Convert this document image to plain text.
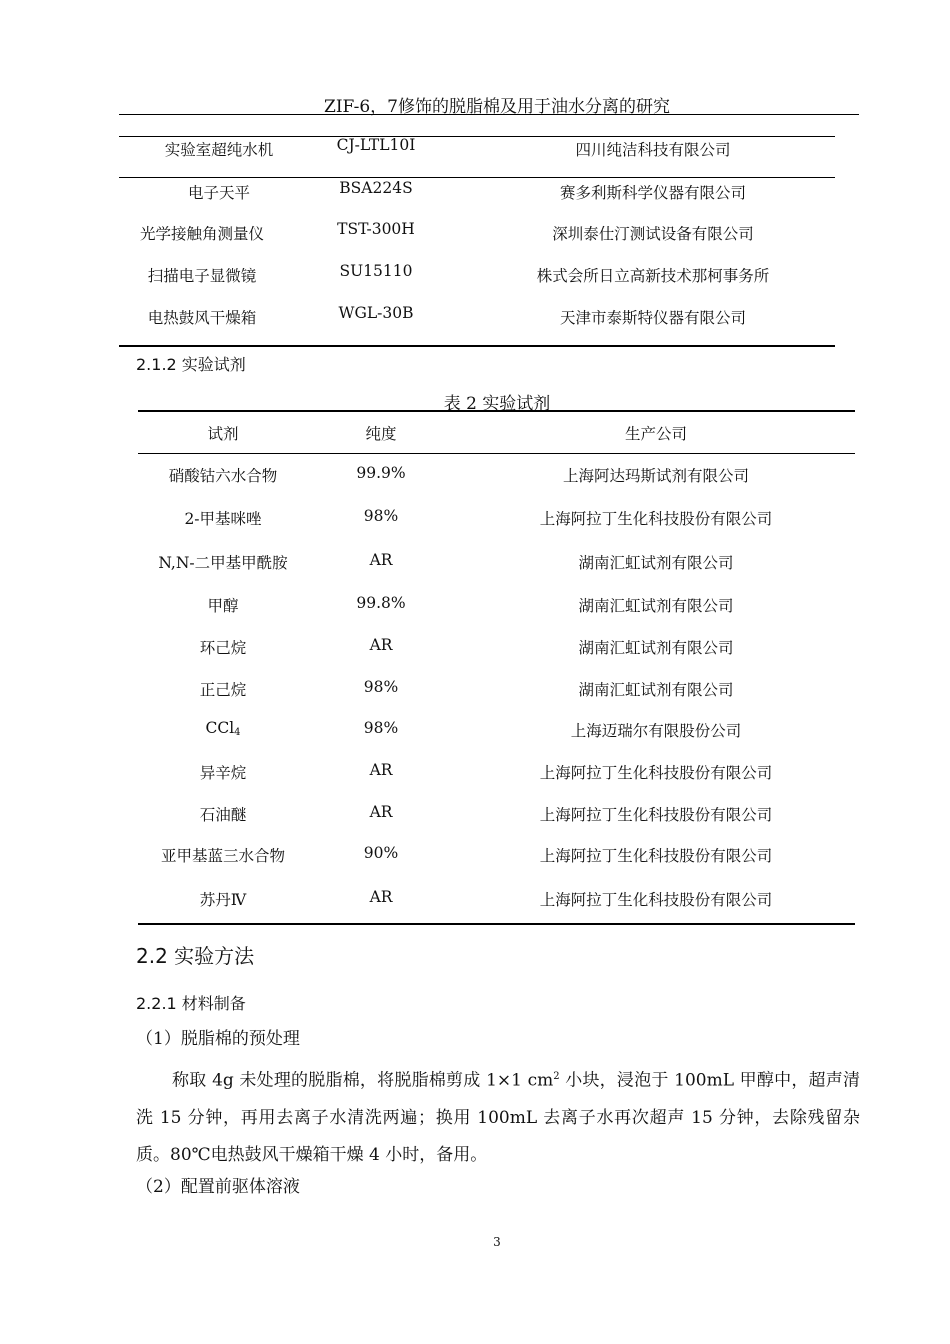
ZIF-6，7修饰的脱脂棉及用于油水分离的研究
实验室超纯水机	CJ-LTL10Ⅰ	四川纯洁科技有限公司
电子天平	BSA224S	赛多利斯科学仪器有限公司
光学接触角测量仪	TST-300H	深圳泰仕汀测试设备有限公司
扫描电子显微镜	SU15110	株式会所日立高新技术那柯事务所
电热鼓风干燥箱	WGL-30B	天津市泰斯特仪器有限公司
2.1.2 实验试剂
表 2 实验试剂
试剂	纯度	生产公司
硝酸钴六水合物	99.9%	上海阿达玛斯试剂有限公司
2-甲基咪唑	98%	上海阿拉丁生化科技股份有限公司
N,N-二甲基甲酰胺	AR	湖南汇虹试剂有限公司
甲醇	99.8%	湖南汇虹试剂有限公司
环己烷	AR	湖南汇虹试剂有限公司
正己烷	98%	湖南汇虹试剂有限公司
CCl$_4$	98%	上海迈瑞尔有限股份公司
异辛烷	AR	上海阿拉丁生化科技股份有限公司
石油醚	AR	上海阿拉丁生化科技股份有限公司
亚甲基蓝三水合物	90%	上海阿拉丁生化科技股份有限公司
苏丹Ⅳ	AR	上海阿拉丁生化科技股份有限公司
2.2 实验方法
2.2.1 材料制备
（1）脱脂棉的预处理
称取 4g 未处理的脱脂棉，将脱脂棉剪成 1×1 $cm^2$ 小块，浸泡于 100mL 甲醇中，超声清洗 15 分钟，再用去离子水清洗两遍；换用 100mL 去离子水再次超声 15 分钟，去除残留杂质。80℃电热鼓风干燥箱干燥 4 小时，备用。
（2）配置前驱体溶液
3
